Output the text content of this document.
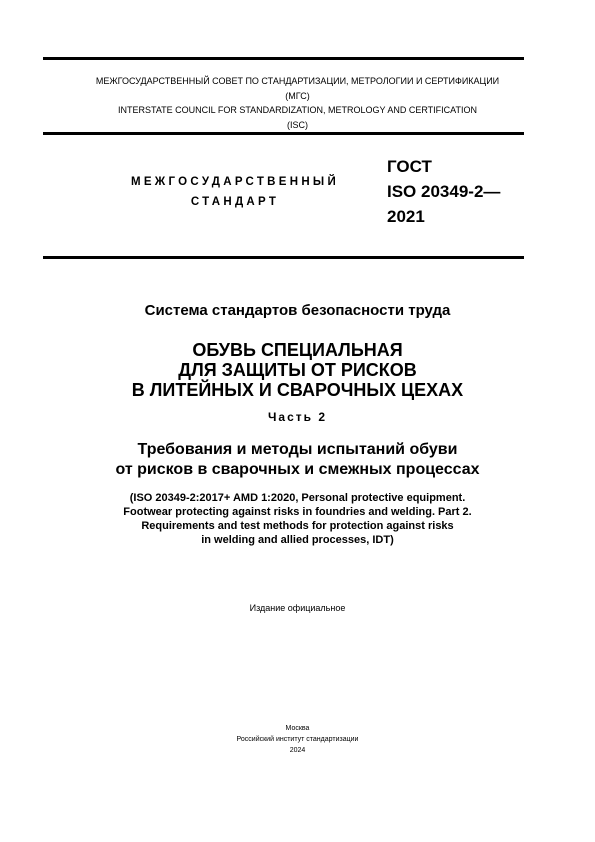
МЕЖГОСУДАРСТВЕННЫЙ СОВЕТ ПО СТАНДАРТИЗАЦИИ, МЕТРОЛОГИИ И СЕРТИФИКАЦИИ
(МГС)
INTERSTATE COUNCIL FOR STANDARDIZATION, METROLOGY AND CERTIFICATION
(ISC)
МЕЖГОСУДАРСТВЕННЫЙ
СТАНДАРТ
ГОСТ
ISO 20349-2—
2021
Система стандартов безопасности труда
ОБУВЬ СПЕЦИАЛЬНАЯ
ДЛЯ ЗАЩИТЫ ОТ РИСКОВ
В ЛИТЕЙНЫХ И СВАРОЧНЫХ ЦЕХАХ
Часть 2
Требования и методы испытаний обуви
от рисков в сварочных и смежных процессах
(ISO 20349-2:2017+ AMD 1:2020, Personal protective equipment.
Footwear protecting against risks in foundries and welding. Part 2.
Requirements and test methods for protection against risks
in welding and allied processes, IDT)
Издание официальное
Москва
Российский институт стандартизации
2024
